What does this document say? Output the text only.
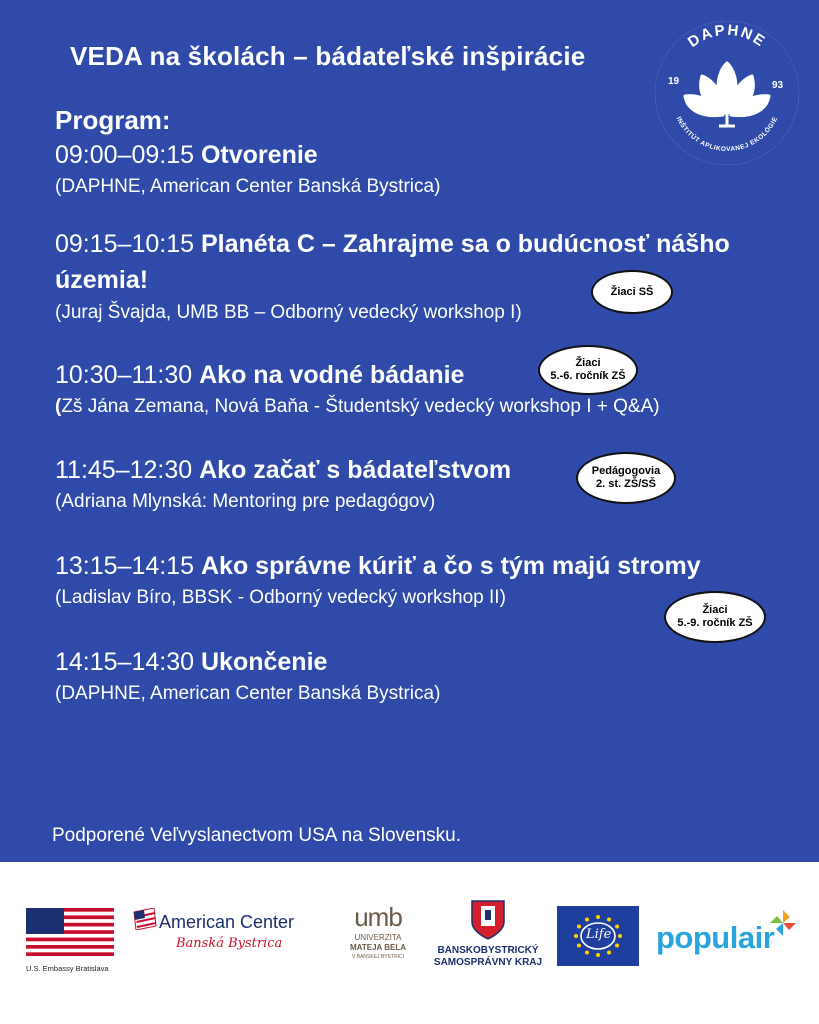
VEDA na školách – bádateľské inšpirácie
DAPHNE
INŠTITÚT APLIKOVANEJ EKOLÓGIE
19	93
Program:
09:00–09:15 Otvorenie
(DAPHNE, American Center Banská Bystrica)
09:15–10:15 Planéta C – Zahrajme sa o budúcnosť nášho územia!
(Juraj Švajda, UMB BB – Odborný vedecký workshop I)
10:30–11:30 Ako na vodné bádanie
(Zš Jána Zemana, Nová Baňa - Študentský vedecký workshop I + Q&A)
11:45–12:30 Ako začať s bádateľstvom
(Adriana Mlynská: Mentoring pre pedagógov)
13:15–14:15 Ako správne kúriť a čo s tým majú stromy
(Ladislav Bíro, BBSK - Odborný vedecký workshop II)
14:15–14:30 Ukončenie
(DAPHNE, American Center Banská Bystrica)
Žiaci SŠ
Žiaci
5.-6. ročník ZŠ
Pedágogovia
2. st. ZŠ/SŠ
Žiaci
5.-9. ročník ZŠ
Podporené Veľvyslanectvom USA na Slovensku.
U.S. Embassy Bratislava
American Center
Banská Bystrica
umb
UNIVERZITA
MATEJA BELA
V BANSKEJ BYSTRICI
BANSKOBYSTRICKÝ
SAMOSPRÁVNY KRAJ
Life populair
